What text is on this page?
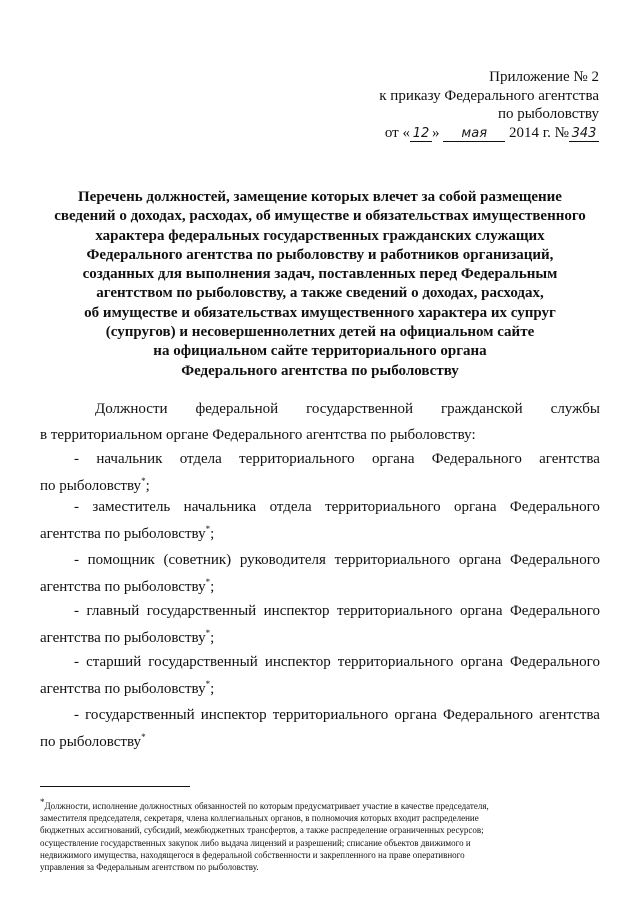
Приложение № 2
к приказу Федерального агентства
по рыболовству
от « 12 » мая 2014 г. № 343
Перечень должностей, замещение которых влечет за собой размещение
сведений о доходах, расходах, об имуществе и обязательствах имущественного
характера федеральных государственных гражданских служащих
Федерального агентства по рыболовству и работников организаций,
созданных для выполнения задач, поставленных перед Федеральным
агентством по рыболовству, а также сведений о доходах, расходах,
об имуществе и обязательствах имущественного характера их супруг
(супругов) и несовершеннолетних детей на официальном сайте
на официальном сайте территориального органа
Федерального агентства по рыболовству
Должности федеральной государственной гражданской службы
в территориальном органе Федерального агентства по рыболовству:
- начальник отдела территориального органа Федерального агентства
по рыболовству*;
- заместитель начальника отдела территориального органа Федерального
агентства по рыболовству*;
- помощник (советник) руководителя территориального органа Федерального
агентства по рыболовству*;
- главный государственный инспектор территориального органа Федерального
агентства по рыболовству*;
- старший государственный инспектор территориального органа Федерального
агентства по рыболовству*;
- государственный инспектор территориального органа Федерального агентства
по рыболовству*
*Должности, исполнение должностных обязанностей по которым предусматривает участие в качестве председателя,
заместителя председателя, секретаря, члена коллегиальных органов, в полномочия которых входит распределение
бюджетных ассигнований, субсидий, межбюджетных трансфертов, а также распределение ограниченных ресурсов;
осуществление государственных закупок либо выдача лицензий и разрешений; списание объектов движимого и
недвижимого имущества, находящегося в федеральной собственности и закрепленного на праве оперативного
управления за Федеральным агентством по рыболовству.
